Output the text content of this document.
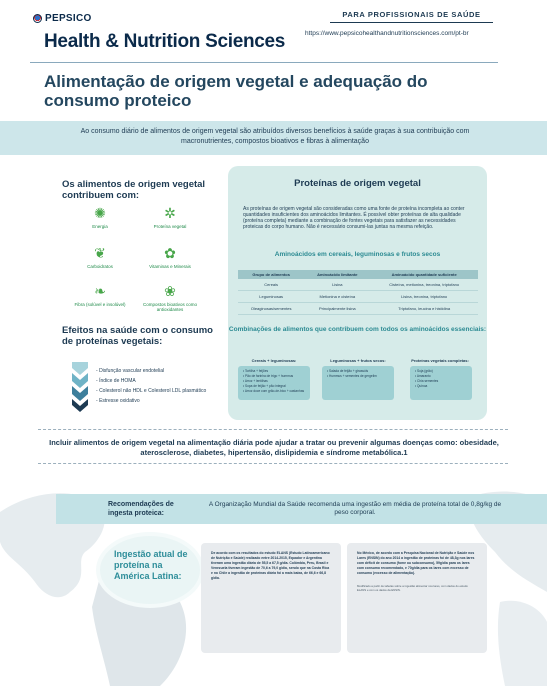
PEPSICO
Health & Nutrition Sciences
PARA PROFISSIONAIS DE SAÚDE
https://www.pepsicohealthandnutritionsciences.com/pt-br
Alimentação de origem vegetal e adequação do consumo proteico
Ao consumo diário de alimentos de origem vegetal são atribuídos diversos benefícios à saúde graças à sua contribuição com macronutrientes, compostos bioativos e fibras à alimentação
Os alimentos de origem vegetal contribuem com:
✺
Energia
✲
Proteína vegetal
❦
Carboidratos
✿
Vitaminas e Minerais
❧
Fibra (solúvel e insolúvel)
❀
Compostos bioativos como antioxidantes
Efeitos na saúde com o consumo de proteínas vegetais:
- Disfunção vascular endotelial
- Índice de HOMA
- Colesterol não HDL e Colesterol LDL plasmático
- Estresse oxidativo
Proteínas de origem vegetal
As proteínas de origem vegetal são consideradas como uma fonte de proteína incompleta ao conter quantidades insuficientes dos aminoácidos limitantes. É possível obter proteínas de alta qualidade (proteína completa) mediante a combinação de fontes vegetais para satisfazer as necessidades proteicas do corpo humano. Não é necessário consumi-las juntas na mesma refeição.
Aminoácidos em cereais, leguminosas e frutos secos
Grupo de alimentos	Aminoácido limitante	Aminoácido quantidade suficiente
Cereais	Lisina	Cisteína, metionina, treonina, triptofano
Leguminosas	Metionina e cisteína	Lisina, treonina, triptofano
Oleaginosas/sementes	Principalmente lisina	Triptofano, leucina e histidina
Combinações de alimentos que contribuem com todos os aminoácidos essenciais:
Cereais + leguminosas:	Leguminosas + frutos secos:	Proteínas vegetais completas:
• Tortilha + feijões
• Pão de farinha de trigo + hummus
• Arroz + lentilhas
• Sopa de feijão + pão integral
• Arroz doce com grão-de-bico + castanhas
• Salada de feijão + girassóis
• Hummus + sementes de gergelim
• Soja (grão)
• Amaranto
• Chia sementes
• Quinoa
Incluir alimentos de origem vegetal na alimentação diária pode ajudar a tratar ou prevenir algumas doenças como: obesidade, aterosclerose, diabetes, hipertensão, dislipidemia e síndrome metabólica.1
Recomendações de ingesta proteica:
A Organização Mundial da Saúde recomenda uma ingestão em média de proteína total de 0,8g/kg de peso corporal.
Ingestão atual de proteína na América Latina:
De acordo com os resultados do estudo ELANS (Estudo Latinoamericano de Nutrição e Saúde) realizado entre 2014-2015, Equador e Argentina tiveram uma ingestão diária de 55,5 a 67,5 g/dia. Colômbia, Peru, Brasil e Venezuela tiveram ingestão de 70,6 a 79,0 g/dia, sendo que na Costa Rica e no Chile a ingestão de proteínas diária foi a mais baixa, de 66,6 e 66,8 g/dia.
No México, de acordo com a Pesquisa Nacional de Nutrição e Saúde nos Lares (ENSIN) do ano 2014 a ingestão de proteínas foi de 48,3g nos lares com déficit de consumo (fome ou subconsumo), 59g/dia para os lares com consumo recomendado, e 70g/dia para os lares com excesso de consumo (excesso de alimentação).
Modificado a partir de tabelas sobre a ingestão alimentar nos lares, com dados do estudo ELANS e com os dados da ENSIN.
